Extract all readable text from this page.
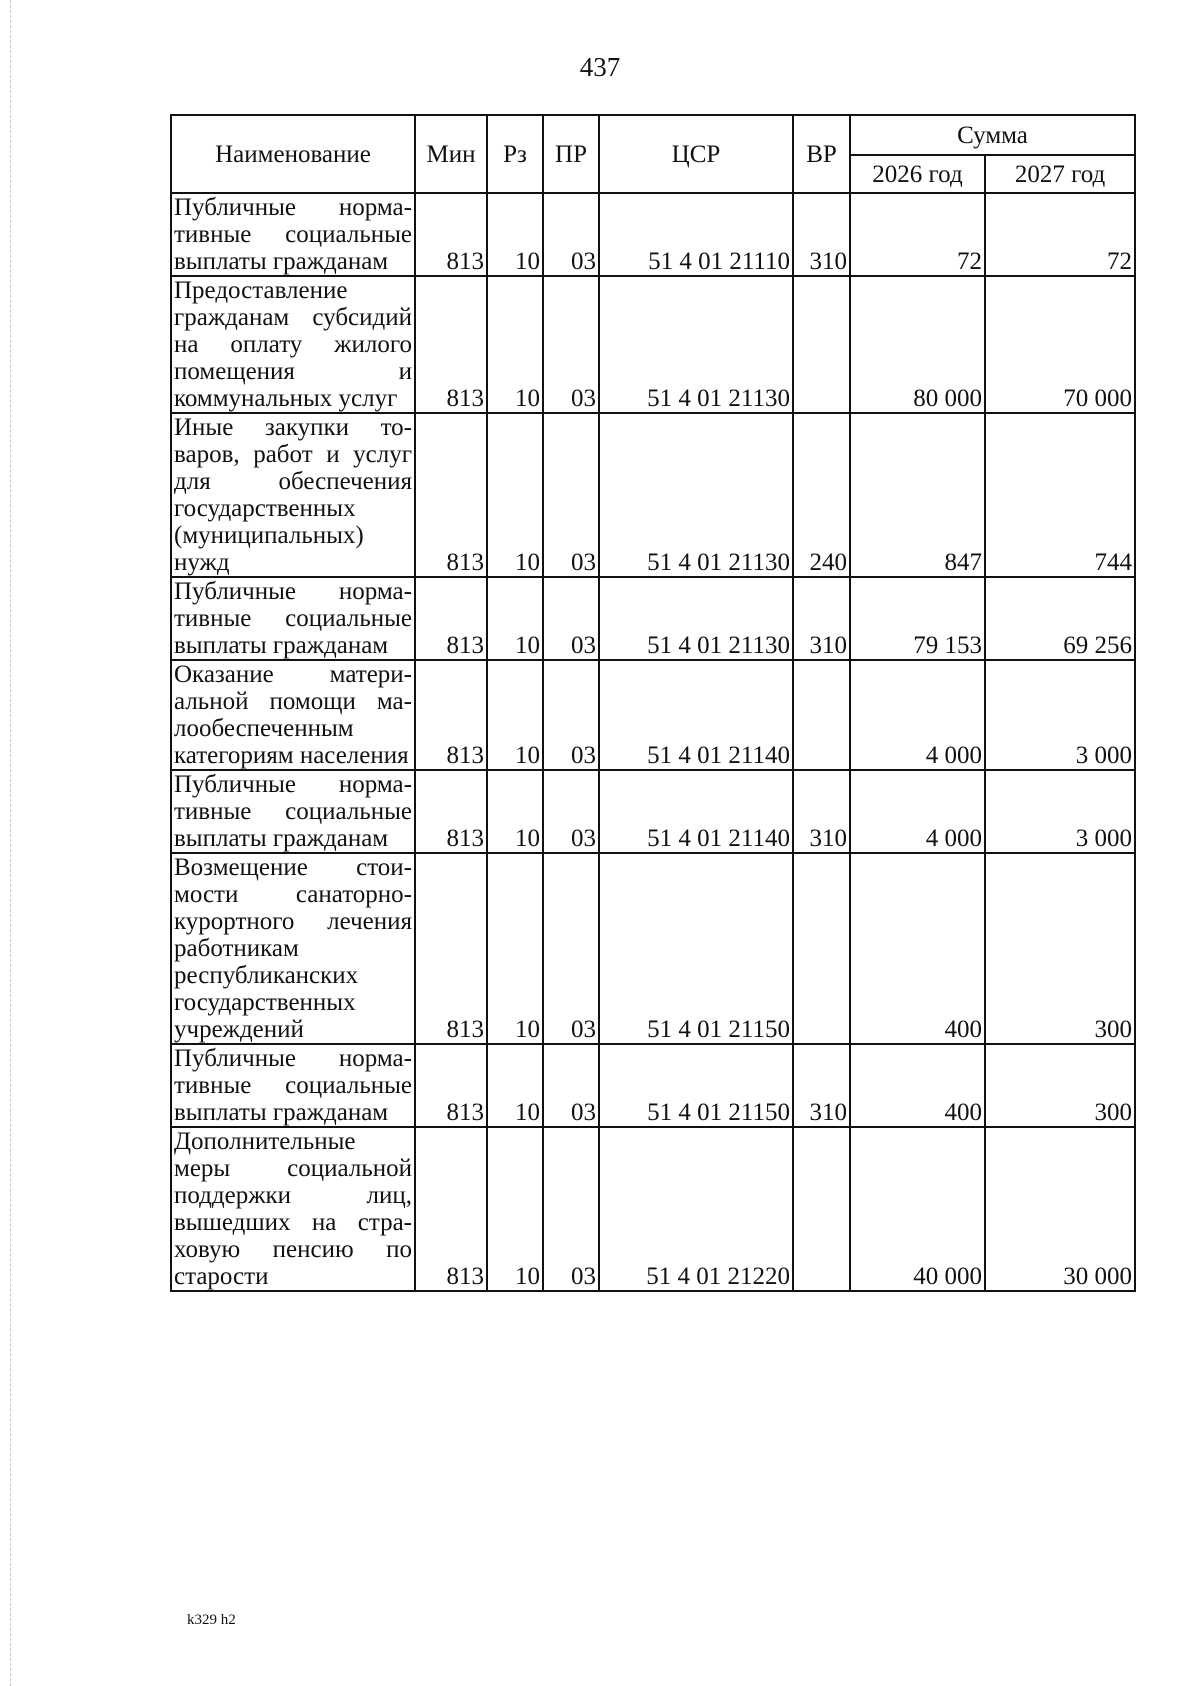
437
Наименование	Мин	Рз	ПР	ЦСР	ВР	Сумма	
						2026 год	2027 год
Публичные нормативные социальные выплаты гражданам	813	10	03	51 4 01 21110	310	72	72
Предоставление гражданам субсидий на оплату жилого помещения и коммунальных услуг	813	10	03	51 4 01 21130		80 000	70 000
Иные закупки товаров, работ и услуг для обеспечения государственных (муниципальных) нужд	813	10	03	51 4 01 21130	240	847	744
Публичные нормативные социальные выплаты гражданам	813	10	03	51 4 01 21130	310	79 153	69 256
Оказание материальной помощи малообеспеченным категориям населения	813	10	03	51 4 01 21140		4 000	3 000
Публичные нормативные социальные выплаты гражданам	813	10	03	51 4 01 21140	310	4 000	3 000
Возмещение стоимости санаторно-курортного лечения работникам республиканских государственных учреждений	813	10	03	51 4 01 21150		400	300
Публичные нормативные социальные выплаты гражданам	813	10	03	51 4 01 21150	310	400	300
Дополнительные меры социальной поддержки лиц, вышедших на страховую пенсию по старости	813	10	03	51 4 01 21220		40 000	30 000
k329 h2
